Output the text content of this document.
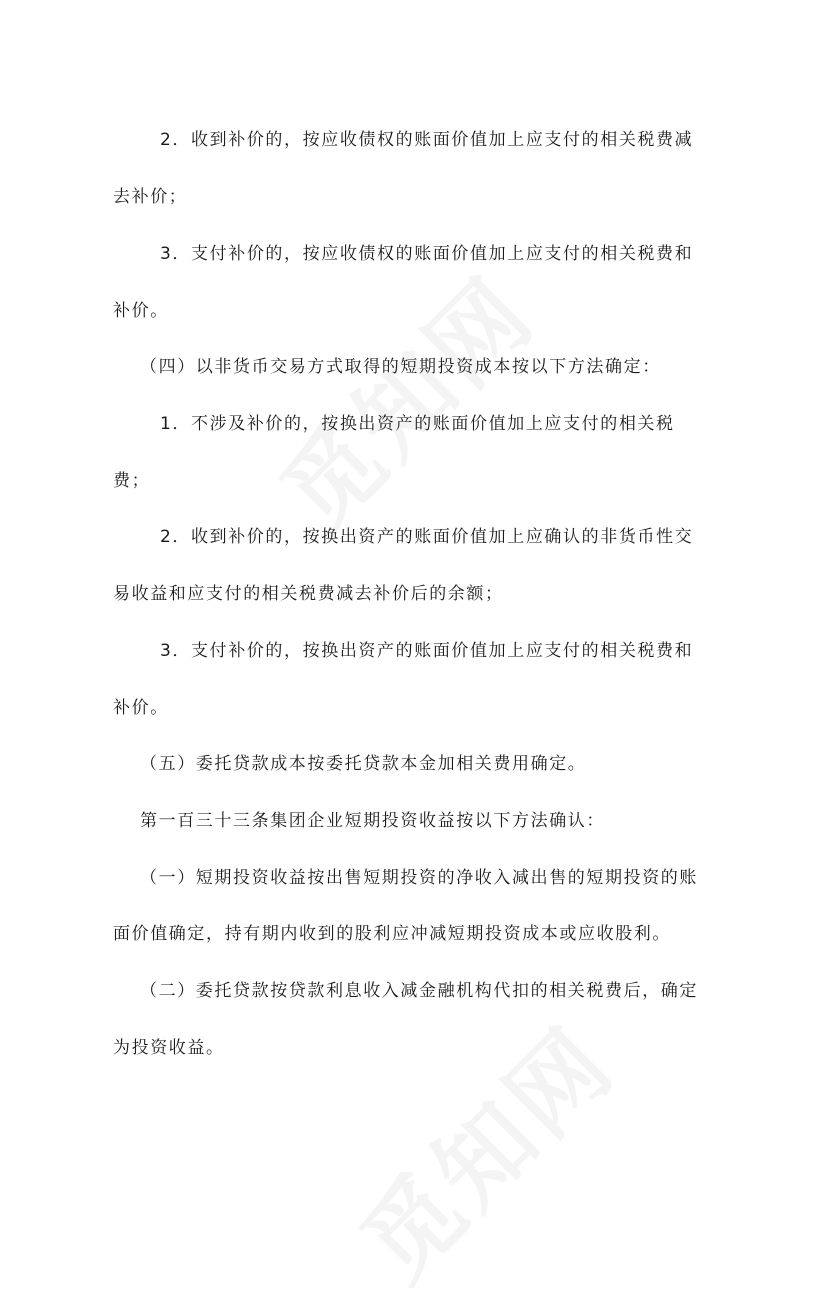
2．收到补价的，按应收债权的账面价值加上应支付的相关税费减
去补价；
3．支付补价的，按应收债权的账面价值加上应支付的相关税费和
补价。
（四）以非货币交易方式取得的短期投资成本按以下方法确定：
1．不涉及补价的，按换出资产的账面价值加上应支付的相关税
费；
2．收到补价的，按换出资产的账面价值加上应确认的非货币性交
易收益和应支付的相关税费减去补价后的余额；
3．支付补价的，按换出资产的账面价值加上应支付的相关税费和
补价。
（五）委托贷款成本按委托贷款本金加相关费用确定。
第一百三十三条集团企业短期投资收益按以下方法确认：
（一）短期投资收益按出售短期投资的净收入减出售的短期投资的账
面价值确定，持有期内收到的股利应冲减短期投资成本或应收股利。
（二）委托贷款按贷款利息收入减金融机构代扣的相关税费后，确定
为投资收益。
